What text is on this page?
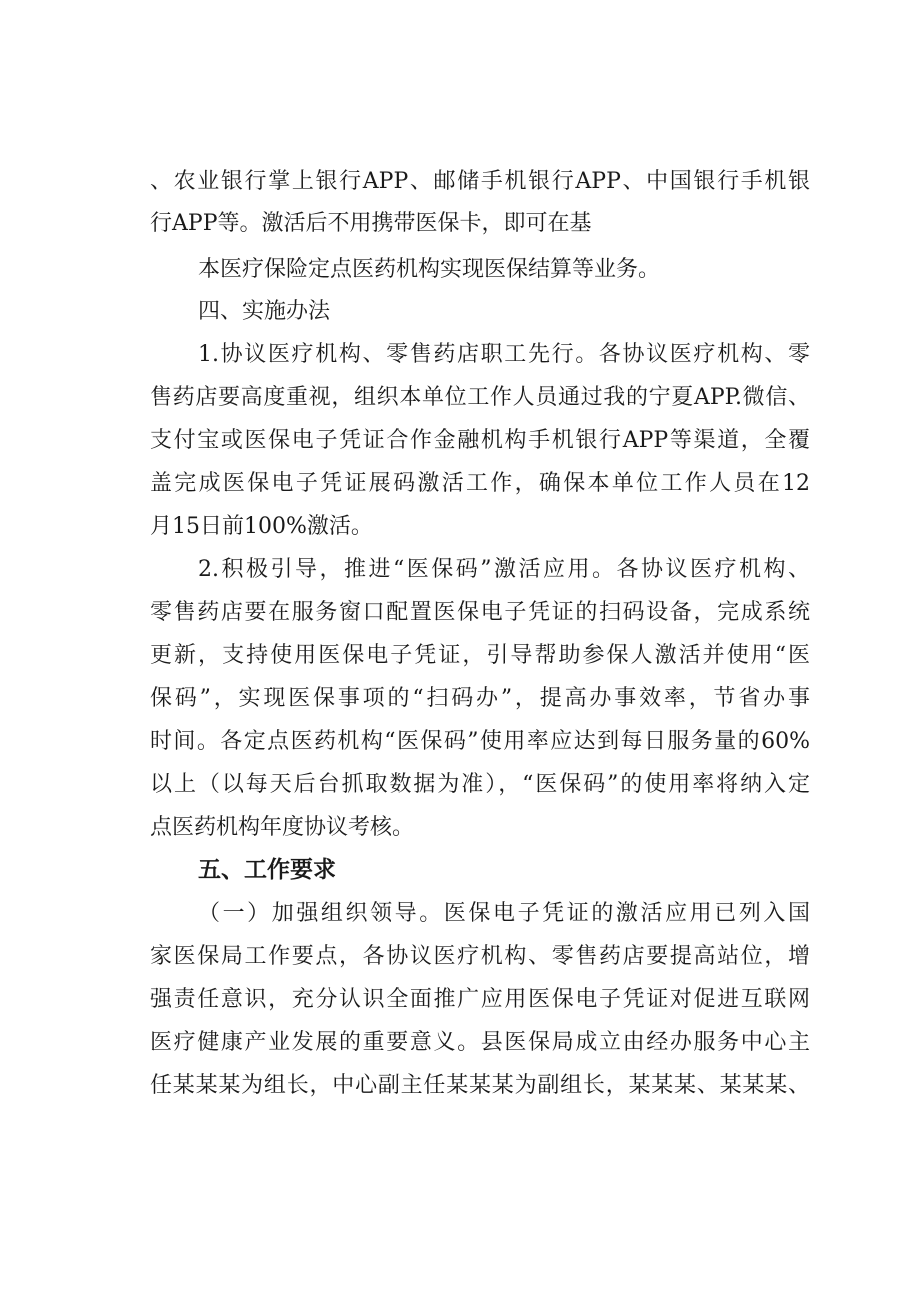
、农业银行掌上银行APP、邮储手机银行APP、中国银行手机银
行APP等。激活后不用携带医保卡，即可在基
本医疗保险定点医药机构实现医保结算等业务。
四、实施办法
1.协议医疗机构、零售药店职工先行。各协议医疗机构、零
售药店要高度重视，组织本单位工作人员通过我的宁夏APP.微信、
支付宝或医保电子凭证合作金融机构手机银行APP等渠道，全覆
盖完成医保电子凭证展码激活工作，确保本单位工作人员在12
月15日前100%激活。
2.积极引导，推进“医保码”激活应用。各协议医疗机构、
零售药店要在服务窗口配置医保电子凭证的扫码设备，完成系统
更新，支持使用医保电子凭证，引导帮助参保人激活并使用“医
保码”，实现医保事项的“扫码办”，提高办事效率，节省办事
时间。各定点医药机构“医保码”使用率应达到每日服务量的60%
以上（以每天后台抓取数据为准），“医保码”的使用率将纳入定
点医药机构年度协议考核。
五、工作要求
（一）加强组织领导。医保电子凭证的激活应用已列入国
家医保局工作要点，各协议医疗机构、零售药店要提高站位，增
强责任意识，充分认识全面推广应用医保电子凭证对促进互联网
医疗健康产业发展的重要意义。县医保局成立由经办服务中心主
任某某某为组长，中心副主任某某某为副组长，某某某、某某某、
